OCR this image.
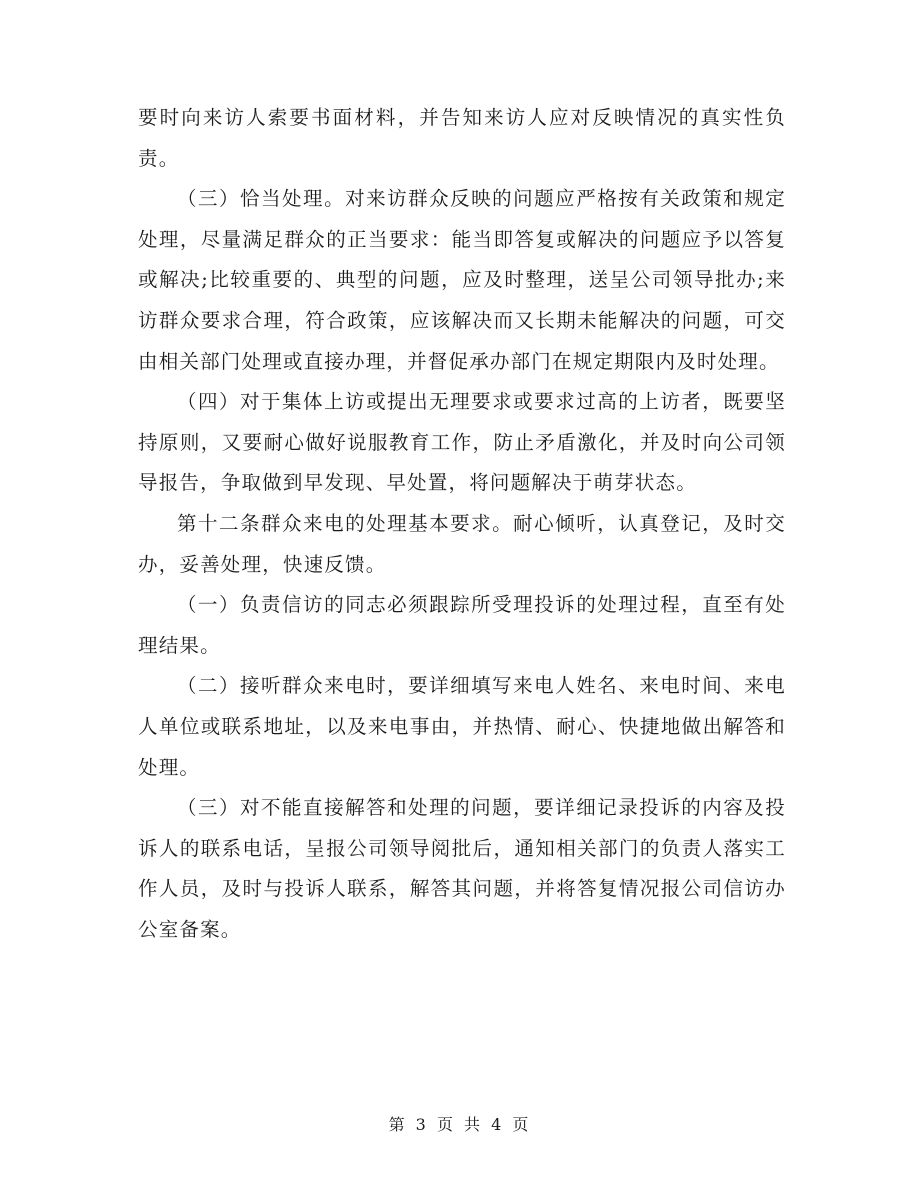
要时向来访人索要书面材料，并告知来访人应对反映情况的真实性负责。

（三）恰当处理。对来访群众反映的问题应严格按有关政策和规定处理，尽量满足群众的正当要求：能当即答复或解决的问题应予以答复或解决;比较重要的、典型的问题，应及时整理，送呈公司领导批办;来访群众要求合理，符合政策，应该解决而又长期未能解决的问题，可交由相关部门处理或直接办理，并督促承办部门在规定期限内及时处理。

（四）对于集体上访或提出无理要求或要求过高的上访者，既要坚持原则，又要耐心做好说服教育工作，防止矛盾激化，并及时向公司领导报告，争取做到早发现、早处置，将问题解决于萌芽状态。

第十二条群众来电的处理基本要求。耐心倾听，认真登记，及时交办，妥善处理，快速反馈。

（一）负责信访的同志必须跟踪所受理投诉的处理过程，直至有处理结果。

（二）接听群众来电时，要详细填写来电人姓名、来电时间、来电人单位或联系地址，以及来电事由，并热情、耐心、快捷地做出解答和处理。

（三）对不能直接解答和处理的问题，要详细记录投诉的内容及投诉人的联系电话，呈报公司领导阅批后，通知相关部门的负责人落实工作人员，及时与投诉人联系，解答其问题，并将答复情况报公司信访办公室备案。

第 3 页 共 4 页
